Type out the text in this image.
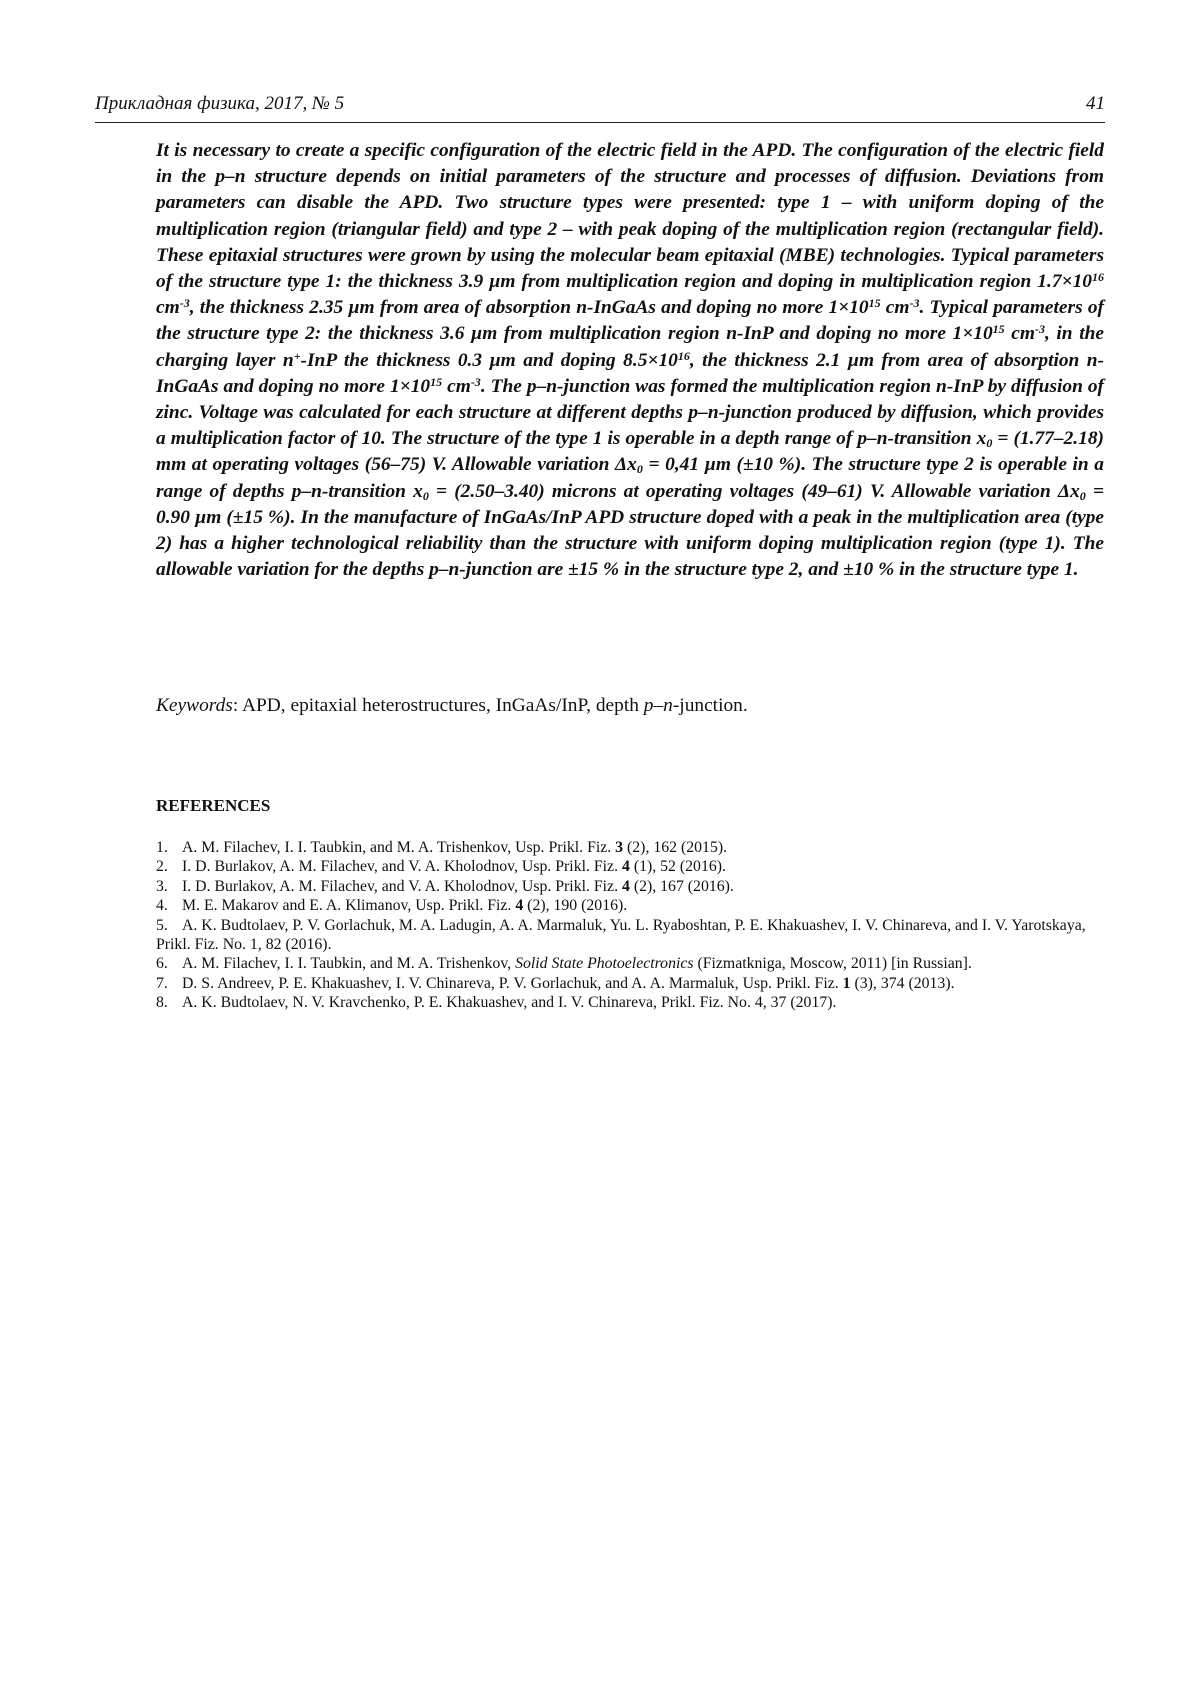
Прикладная физика, 2017, № 5	41

It is necessary to create a specific configuration of the electric field in the APD. The configuration of the electric field in the p–n structure depends on initial parameters of the structure and processes of diffusion. Deviations from parameters can disable the APD. Two structure types were presented: type 1 – with uniform doping of the multiplication region (triangular field) and type 2 – with peak doping of the multiplication region (rectangular field). These epitaxial structures were grown by using the molecular beam epitaxial (MBE) technologies. Typical parameters of the structure type 1: the thickness 3.9 µm from multiplication region and doping in multiplication region $1.7\times 10^{16}$ $cm^{-3}$, the thickness 2.35 µm from area of absorption n-InGaAs and doping no more $1\times 10^{15}$ $cm^{-3}$. Typical parameters of the structure type 2: the thickness 3.6 µm from multiplication region n-InP and doping no more $1\times 10^{15}$ $cm^{-3}$, in the charging layer n+-InP the thickness 0.3 µm and doping $8.5\times 10^{16}$, the thickness 2.1 µm from area of absorption n-InGaAs and doping no more $1\times 10^{15}$ $cm^{-3}$. The p–n-junction was formed the multiplication region n-InP by diffusion of zinc. Voltage was calculated for each structure at different depths p–n-junction produced by diffusion, which provides a multiplication factor of 10. The structure of the type 1 is operable in a depth range of p–n-transition $x_0 = (1.77-2.18)$ mm at operating voltages (56–75) V. Allowable variation $\Delta x_0 = 0,41$ µm (±10 %). The structure type 2 is operable in a range of depths p–n-transition $x_0 = (2.50-3.40)$ microns at operating voltages (49–61) V. Allowable variation $\Delta x_0 = 0.90$ µm (±15 %). In the manufacture of InGaAs/InP APD structure doped with a peak in the multiplication area (type 2) has a higher technological reliability than the structure with uniform doping multiplication region (type 1). The allowable variation for the depths p–n-junction are ±15 % in the structure type 2, and ±10 % in the structure type 1.

Keywords: APD, epitaxial heterostructures, InGaAs/InP, depth p–n-junction.

REFERENCES
1. A. M. Filachev, I. I. Taubkin, and M. A. Trishenkov, Usp. Prikl. Fiz. 3 (2), 162 (2015).
2. I. D. Burlakov, A. M. Filachev, and V. A. Kholodnov, Usp. Prikl. Fiz. 4 (1), 52 (2016).
3. I. D. Burlakov, A. M. Filachev, and V. A. Kholodnov, Usp. Prikl. Fiz. 4 (2), 167 (2016).
4. M. E. Makarov and E. A. Klimanov, Usp. Prikl. Fiz. 4 (2), 190 (2016).
5. A. K. Budtolaev, P. V. Gorlachuk, M. A. Ladugin, A. A. Marmaluk, Yu. L. Ryaboshtan, P. E. Khakuashev, I. V. Chinareva, and I. V. Yarotskaya, Prikl. Fiz. No. 1, 82 (2016).
6. A. M. Filachev, I. I. Taubkin, and M. A. Trishenkov, Solid State Photoelectronics (Fizmatkniga, Moscow, 2011) [in Russian].
7. D. S. Andreev, P. E. Khakuashev, I. V. Chinareva, P. V. Gorlachuk, and A. A. Marmaluk, Usp. Prikl. Fiz. 1 (3), 374 (2013).
8. A. K. Budtolaev, N. V. Kravchenko, P. E. Khakuashev, and I. V. Chinareva, Prikl. Fiz. No. 4, 37 (2017).
